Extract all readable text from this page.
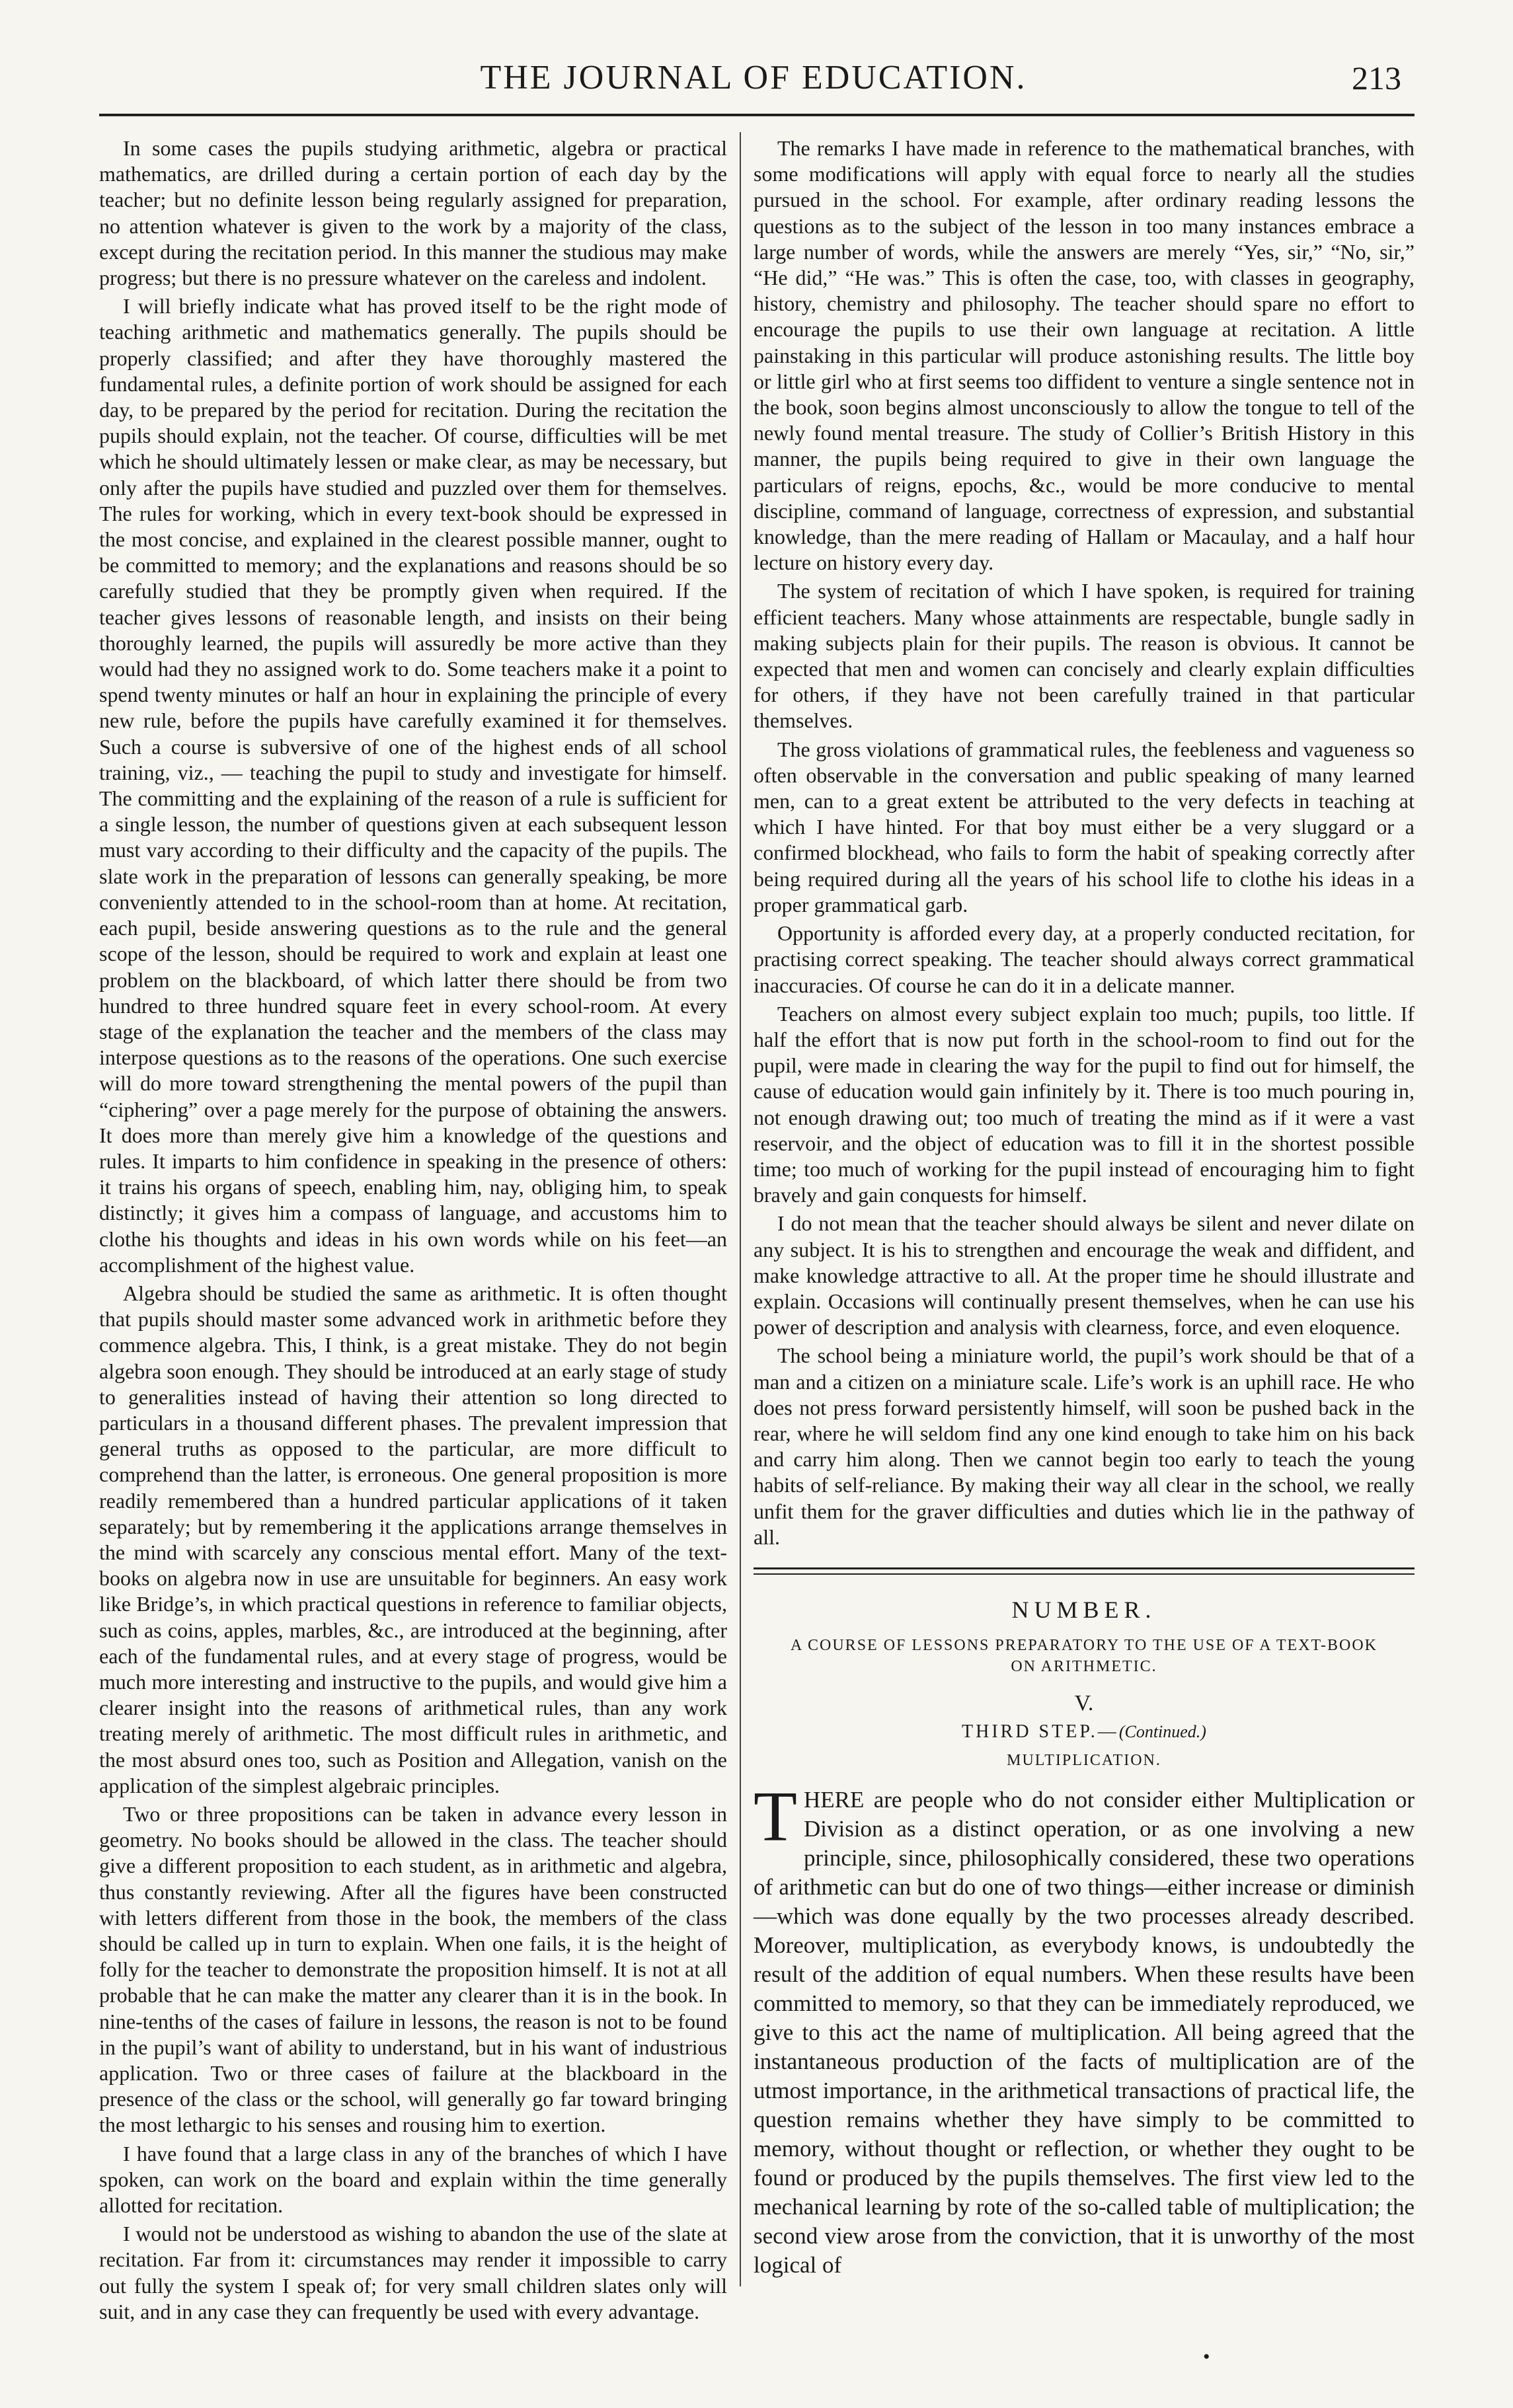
THE JOURNAL OF EDUCATION.	213

In some cases the pupils studying arithmetic, algebra or practical mathematics, are drilled during a certain portion of each day by the teacher; but no definite lesson being regularly assigned for preparation, no attention whatever is given to the work by a majority of the class, except during the recitation period. In this manner the studious may make progress; but there is no pressure whatever on the careless and indolent.

I will briefly indicate what has proved itself to be the right mode of teaching arithmetic and mathematics generally. The pupils should be properly classified; and after they have thoroughly mastered the fundamental rules, a definite portion of work should be assigned for each day, to be prepared by the period for recitation. During the recitation the pupils should explain, not the teacher. Of course, difficulties will be met which he should ultimately lessen or make clear, as may be necessary, but only after the pupils have studied and puzzled over them for themselves. The rules for working, which in every text-book should be expressed in the most concise, and explained in the clearest possible manner, ought to be committed to memory; and the explanations and reasons should be so carefully studied that they be promptly given when required. If the teacher gives lessons of reasonable length, and insists on their being thoroughly learned, the pupils will assuredly be more active than they would had they no assigned work to do. Some teachers make it a point to spend twenty minutes or half an hour in explaining the principle of every new rule, before the pupils have carefully examined it for themselves. Such a course is subversive of one of the highest ends of all school training, viz., — teaching the pupil to study and investigate for himself. The committing and the explaining of the reason of a rule is sufficient for a single lesson, the number of questions given at each subsequent lesson must vary according to their difficulty and the capacity of the pupils. The slate work in the preparation of lessons can generally speaking, be more conveniently attended to in the school-room than at home. At recitation, each pupil, beside answering questions as to the rule and the general scope of the lesson, should be required to work and explain at least one problem on the blackboard, of which latter there should be from two hundred to three hundred square feet in every school-room. At every stage of the explanation the teacher and the members of the class may interpose questions as to the reasons of the operations. One such exercise will do more toward strengthening the mental powers of the pupil than “ciphering” over a page merely for the purpose of obtaining the answers. It does more than merely give him a knowledge of the questions and rules. It imparts to him confidence in speaking in the presence of others: it trains his organs of speech, enabling him, nay, obliging him, to speak distinctly; it gives him a compass of language, and accustoms him to clothe his thoughts and ideas in his own words while on his feet—an accomplishment of the highest value.

Algebra should be studied the same as arithmetic. It is often thought that pupils should master some advanced work in arithmetic before they commence algebra. This, I think, is a great mistake. They do not begin algebra soon enough. They should be introduced at an early stage of study to generalities instead of having their attention so long directed to particulars in a thousand different phases. The prevalent impression that general truths as opposed to the particular, are more difficult to comprehend than the latter, is erroneous. One general proposition is more readily remembered than a hundred particular applications of it taken separately; but by remembering it the applications arrange themselves in the mind with scarcely any conscious mental effort. Many of the text-books on algebra now in use are unsuitable for beginners. An easy work like Bridge’s, in which practical questions in reference to familiar objects, such as coins, apples, marbles, &c., are introduced at the beginning, after each of the fundamental rules, and at every stage of progress, would be much more interesting and instructive to the pupils, and would give him a clearer insight into the reasons of arithmetical rules, than any work treating merely of arithmetic. The most difficult rules in arithmetic, and the most absurd ones too, such as Position and Allegation, vanish on the application of the simplest algebraic principles.

Two or three propositions can be taken in advance every lesson in geometry. No books should be allowed in the class. The teacher should give a different proposition to each student, as in arithmetic and algebra, thus constantly reviewing. After all the figures have been constructed with letters different from those in the book, the members of the class should be called up in turn to explain. When one fails, it is the height of folly for the teacher to demonstrate the proposition himself. It is not at all probable that he can make the matter any clearer than it is in the book. In nine-tenths of the cases of failure in lessons, the reason is not to be found in the pupil’s want of ability to understand, but in his want of industrious application. Two or three cases of failure at the blackboard in the presence of the class or the school, will generally go far toward bringing the most lethargic to his senses and rousing him to exertion.

I have found that a large class in any of the branches of which I have spoken, can work on the board and explain within the time generally allotted for recitation.

I would not be understood as wishing to abandon the use of the slate at recitation. Far from it: circumstances may render it impossible to carry out fully the system I speak of; for very small children slates only will suit, and in any case they can frequently be used with every advantage.

The remarks I have made in reference to the mathematical branches, with some modifications will apply with equal force to nearly all the studies pursued in the school. For example, after ordinary reading lessons the questions as to the subject of the lesson in too many instances embrace a large number of words, while the answers are merely “Yes, sir,” “No, sir,” “He did,” “He was.” This is often the case, too, with classes in geography, history, chemistry and philosophy. The teacher should spare no effort to encourage the pupils to use their own language at recitation. A little painstaking in this particular will produce astonishing results. The little boy or little girl who at first seems too diffident to venture a single sentence not in the book, soon begins almost unconsciously to allow the tongue to tell of the newly found mental treasure. The study of Collier’s British History in this manner, the pupils being required to give in their own language the particulars of reigns, epochs, &c., would be more conducive to mental discipline, command of language, correctness of expression, and substantial knowledge, than the mere reading of Hallam or Macaulay, and a half hour lecture on history every day.

The system of recitation of which I have spoken, is required for training efficient teachers. Many whose attainments are respectable, bungle sadly in making subjects plain for their pupils. The reason is obvious. It cannot be expected that men and women can concisely and clearly explain difficulties for others, if they have not been carefully trained in that particular themselves.

The gross violations of grammatical rules, the feebleness and vagueness so often observable in the conversation and public speaking of many learned men, can to a great extent be attributed to the very defects in teaching at which I have hinted. For that boy must either be a very sluggard or a confirmed blockhead, who fails to form the habit of speaking correctly after being required during all the years of his school life to clothe his ideas in a proper grammatical garb.

Opportunity is afforded every day, at a properly conducted recitation, for practising correct speaking. The teacher should always correct grammatical inaccuracies. Of course he can do it in a delicate manner.

Teachers on almost every subject explain too much; pupils, too little. If half the effort that is now put forth in the school-room to find out for the pupil, were made in clearing the way for the pupil to find out for himself, the cause of education would gain infinitely by it. There is too much pouring in, not enough drawing out; too much of treating the mind as if it were a vast reservoir, and the object of education was to fill it in the shortest possible time; too much of working for the pupil instead of encouraging him to fight bravely and gain conquests for himself.

I do not mean that the teacher should always be silent and never dilate on any subject. It is his to strengthen and encourage the weak and diffident, and make knowledge attractive to all. At the proper time he should illustrate and explain. Occasions will continually present themselves, when he can use his power of description and analysis with clearness, force, and even eloquence.

The school being a miniature world, the pupil’s work should be that of a man and a citizen on a miniature scale. Life’s work is an uphill race. He who does not press forward persistently himself, will soon be pushed back in the rear, where he will seldom find any one kind enough to take him on his back and carry him along. Then we cannot begin too early to teach the young habits of self-reliance. By making their way all clear in the school, we really unfit them for the graver difficulties and duties which lie in the pathway of all.

NUMBER.
A COURSE OF LESSONS PREPARATORY TO THE USE OF A TEXT-BOOK ON ARITHMETIC.
V.
THIRD STEP.—(Continued.)
MULTIPLICATION.

THERE are people who do not consider either Multiplication or Division as a distinct operation, or as one involving a new principle, since, philosophically considered, these two operations of arithmetic can but do one of two things—either increase or diminish—which was done equally by the two processes already described. Moreover, multiplication, as everybody knows, is undoubtedly the result of the addition of equal numbers. When these results have been committed to memory, so that they can be immediately reproduced, we give to this act the name of multiplication. All being agreed that the instantaneous production of the facts of multiplication are of the utmost importance, in the arithmetical transactions of practical life, the question remains whether they have simply to be committed to memory, without thought or reflection, or whether they ought to be found or produced by the pupils themselves. The first view led to the mechanical learning by rote of the so-called table of multiplication; the second view arose from the conviction, that it is unworthy of the most logical of

•
